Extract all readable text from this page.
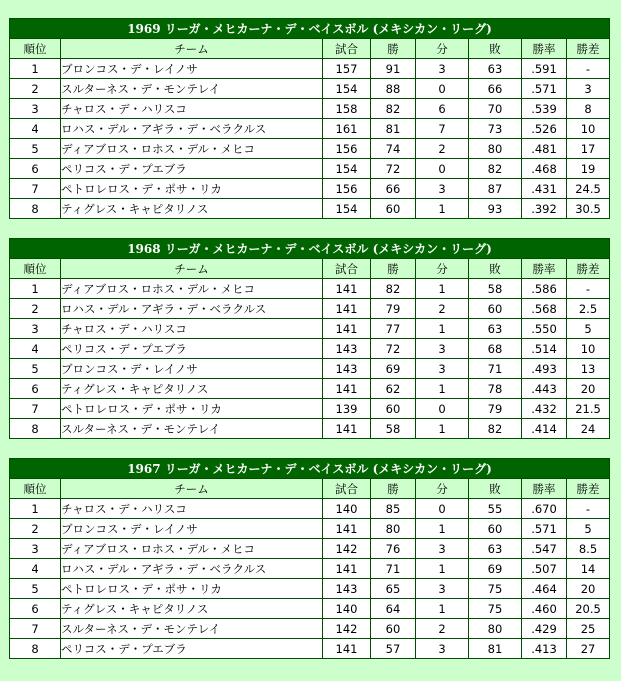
1969 リーガ・メヒカーナ・デ・ベイスボル (メキシカン・リーグ)							
順位	チーム	試合	勝	分	敗	勝率	勝差
1	ブロンコス・デ・レイノサ	157	91	3	63	.591	-
2	スルターネス・デ・モンテレイ	154	88	0	66	.571	3
3	チャロス・デ・ハリスコ	158	82	6	70	.539	8
4	ロハス・デル・アギラ・デ・ベラクルス	161	81	7	73	.526	10
5	ディアブロス・ロホス・デル・メヒコ	156	74	2	80	.481	17
6	ペリコス・デ・プエブラ	154	72	0	82	.468	19
7	ペトロレロス・デ・ポサ・リカ	156	66	3	87	.431	24.5
8	ティグレス・キャピタリノス	154	60	1	93	.392	30.5
1968 リーガ・メヒカーナ・デ・ベイスボル (メキシカン・リーグ)							
順位	チーム	試合	勝	分	敗	勝率	勝差
1	ディアブロス・ロホス・デル・メヒコ	141	82	1	58	.586	-
2	ロハス・デル・アギラ・デ・ベラクルス	141	79	2	60	.568	2.5
3	チャロス・デ・ハリスコ	141	77	1	63	.550	5
4	ペリコス・デ・プエブラ	143	72	3	68	.514	10
5	ブロンコス・デ・レイノサ	143	69	3	71	.493	13
6	ティグレス・キャピタリノス	141	62	1	78	.443	20
7	ペトロレロス・デ・ポサ・リカ	139	60	0	79	.432	21.5
8	スルターネス・デ・モンテレイ	141	58	1	82	.414	24
1967 リーガ・メヒカーナ・デ・ベイスボル (メキシカン・リーグ)							
順位	チーム	試合	勝	分	敗	勝率	勝差
1	チャロス・デ・ハリスコ	140	85	0	55	.670	-
2	ブロンコス・デ・レイノサ	141	80	1	60	.571	5
3	ディアブロス・ロホス・デル・メヒコ	142	76	3	63	.547	8.5
4	ロハス・デル・アギラ・デ・ベラクルス	141	71	1	69	.507	14
5	ペトロレロス・デ・ポサ・リカ	143	65	3	75	.464	20
6	ティグレス・キャピタリノス	140	64	1	75	.460	20.5
7	スルターネス・デ・モンテレイ	142	60	2	80	.429	25
8	ペリコス・デ・プエブラ	141	57	3	81	.413	27
